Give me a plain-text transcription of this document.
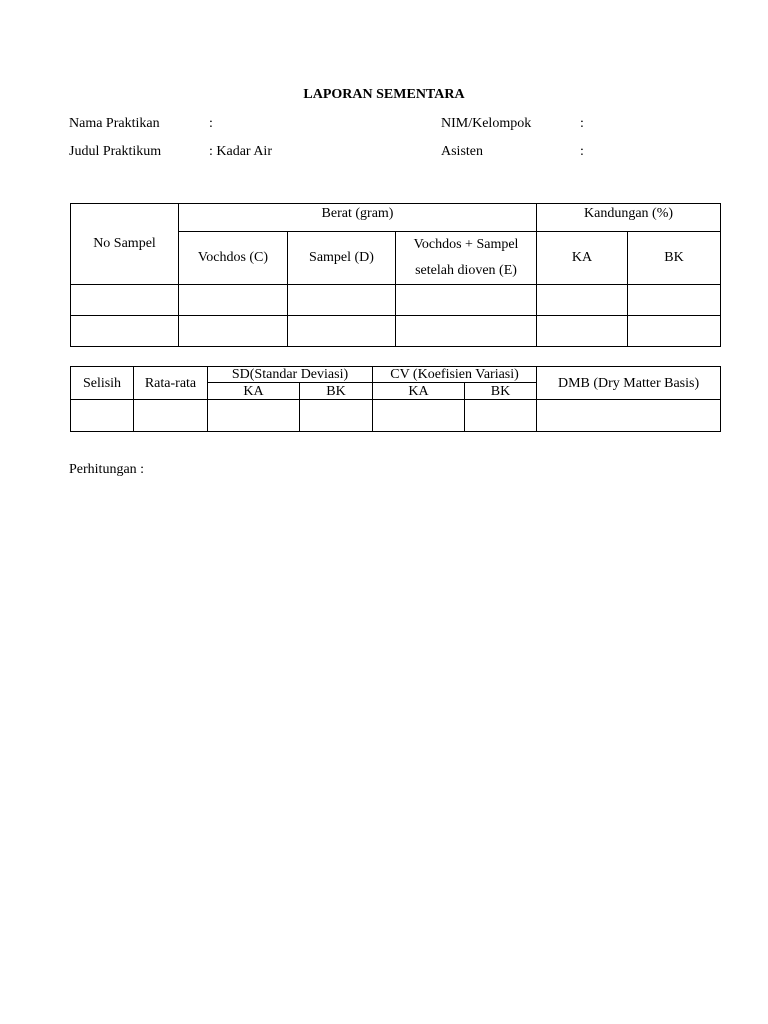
LAPORAN SEMENTARA
Nama Praktikan	:	NIM/Kelompok	:
Judul Praktikum	: Kadar Air	Asisten	:
No Sampel	Berat (gram)			Kandungan (%)	
	Vochdos (C)	Sampel (D)	Vochdos + Sampel
setelah dioven (E)	KA	BK

Selisih	Rata-rata	SD(Standar Deviasi)		CV (Koefisien Variasi)		DMB (Dry Matter Basis)
		KA	BK	KA	BK	

Perhitungan :
